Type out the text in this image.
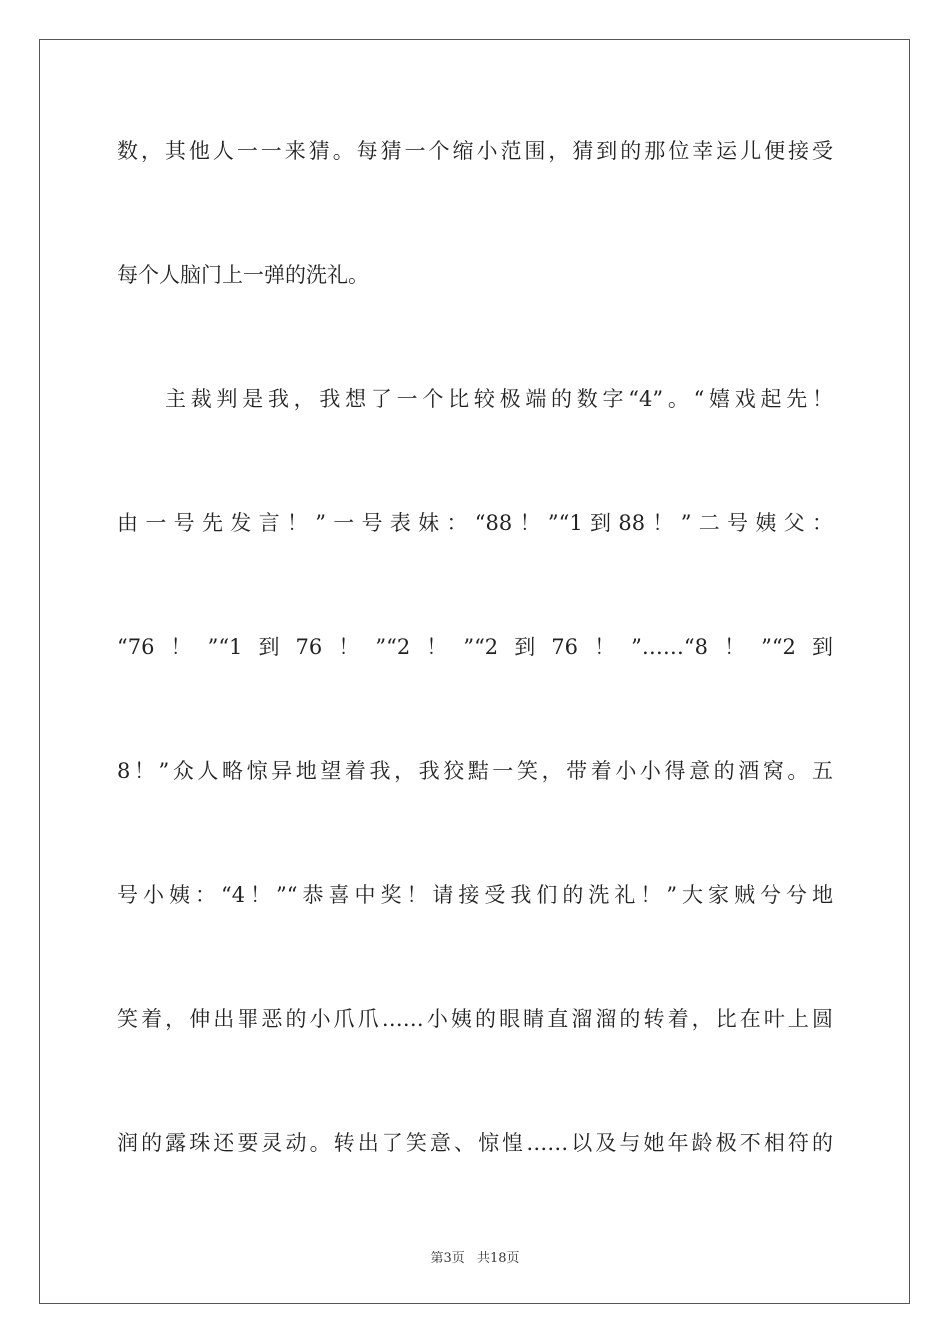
数，其他人一一来猜。每猜一个缩小范围，猜到的那位幸运儿便接受
每个人脑门上一弹的洗礼。
主裁判是我，我想了一个比较极端的数字“4”。“嬉戏起先！
由一号先发言！”一号表妹：“88！”“1到88！”二号姨父：
“76！”“1到76！”“2！”“2到76！”……“8！”“2到
8！”众人略惊异地望着我，我狡黠一笑，带着小小得意的酒窝。五
号小姨：“4！”“恭喜中奖！请接受我们的洗礼！”大家贼兮兮地
笑着，伸出罪恶的小爪爪……小姨的眼睛直溜溜的转着，比在叶上圆
润的露珠还要灵动。转出了笑意、惊惶……以及与她年龄极不相符的
第3页 共18页
